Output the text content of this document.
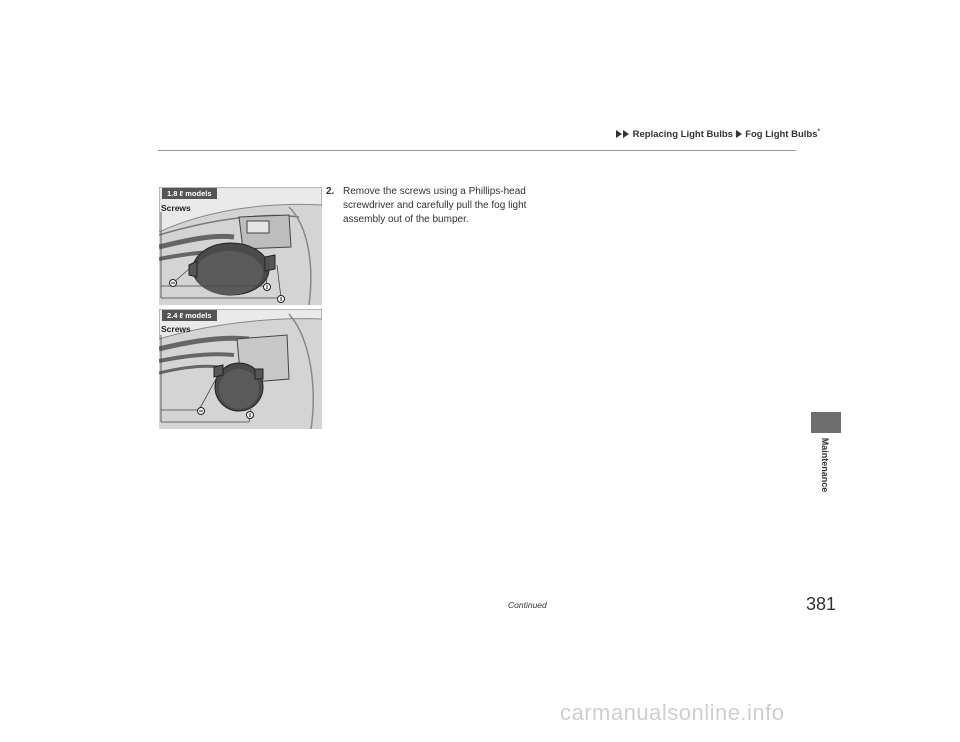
Replacing Light Bulbs Fog Light Bulbs*
1.8 ℓ models
Screws
2.4 ℓ models
Screws
2. Remove the screws using a Phillips-head screwdriver and carefully pull the fog light assembly out of the bumper.
Maintenance
Continued	381
carmanualsonline.info
